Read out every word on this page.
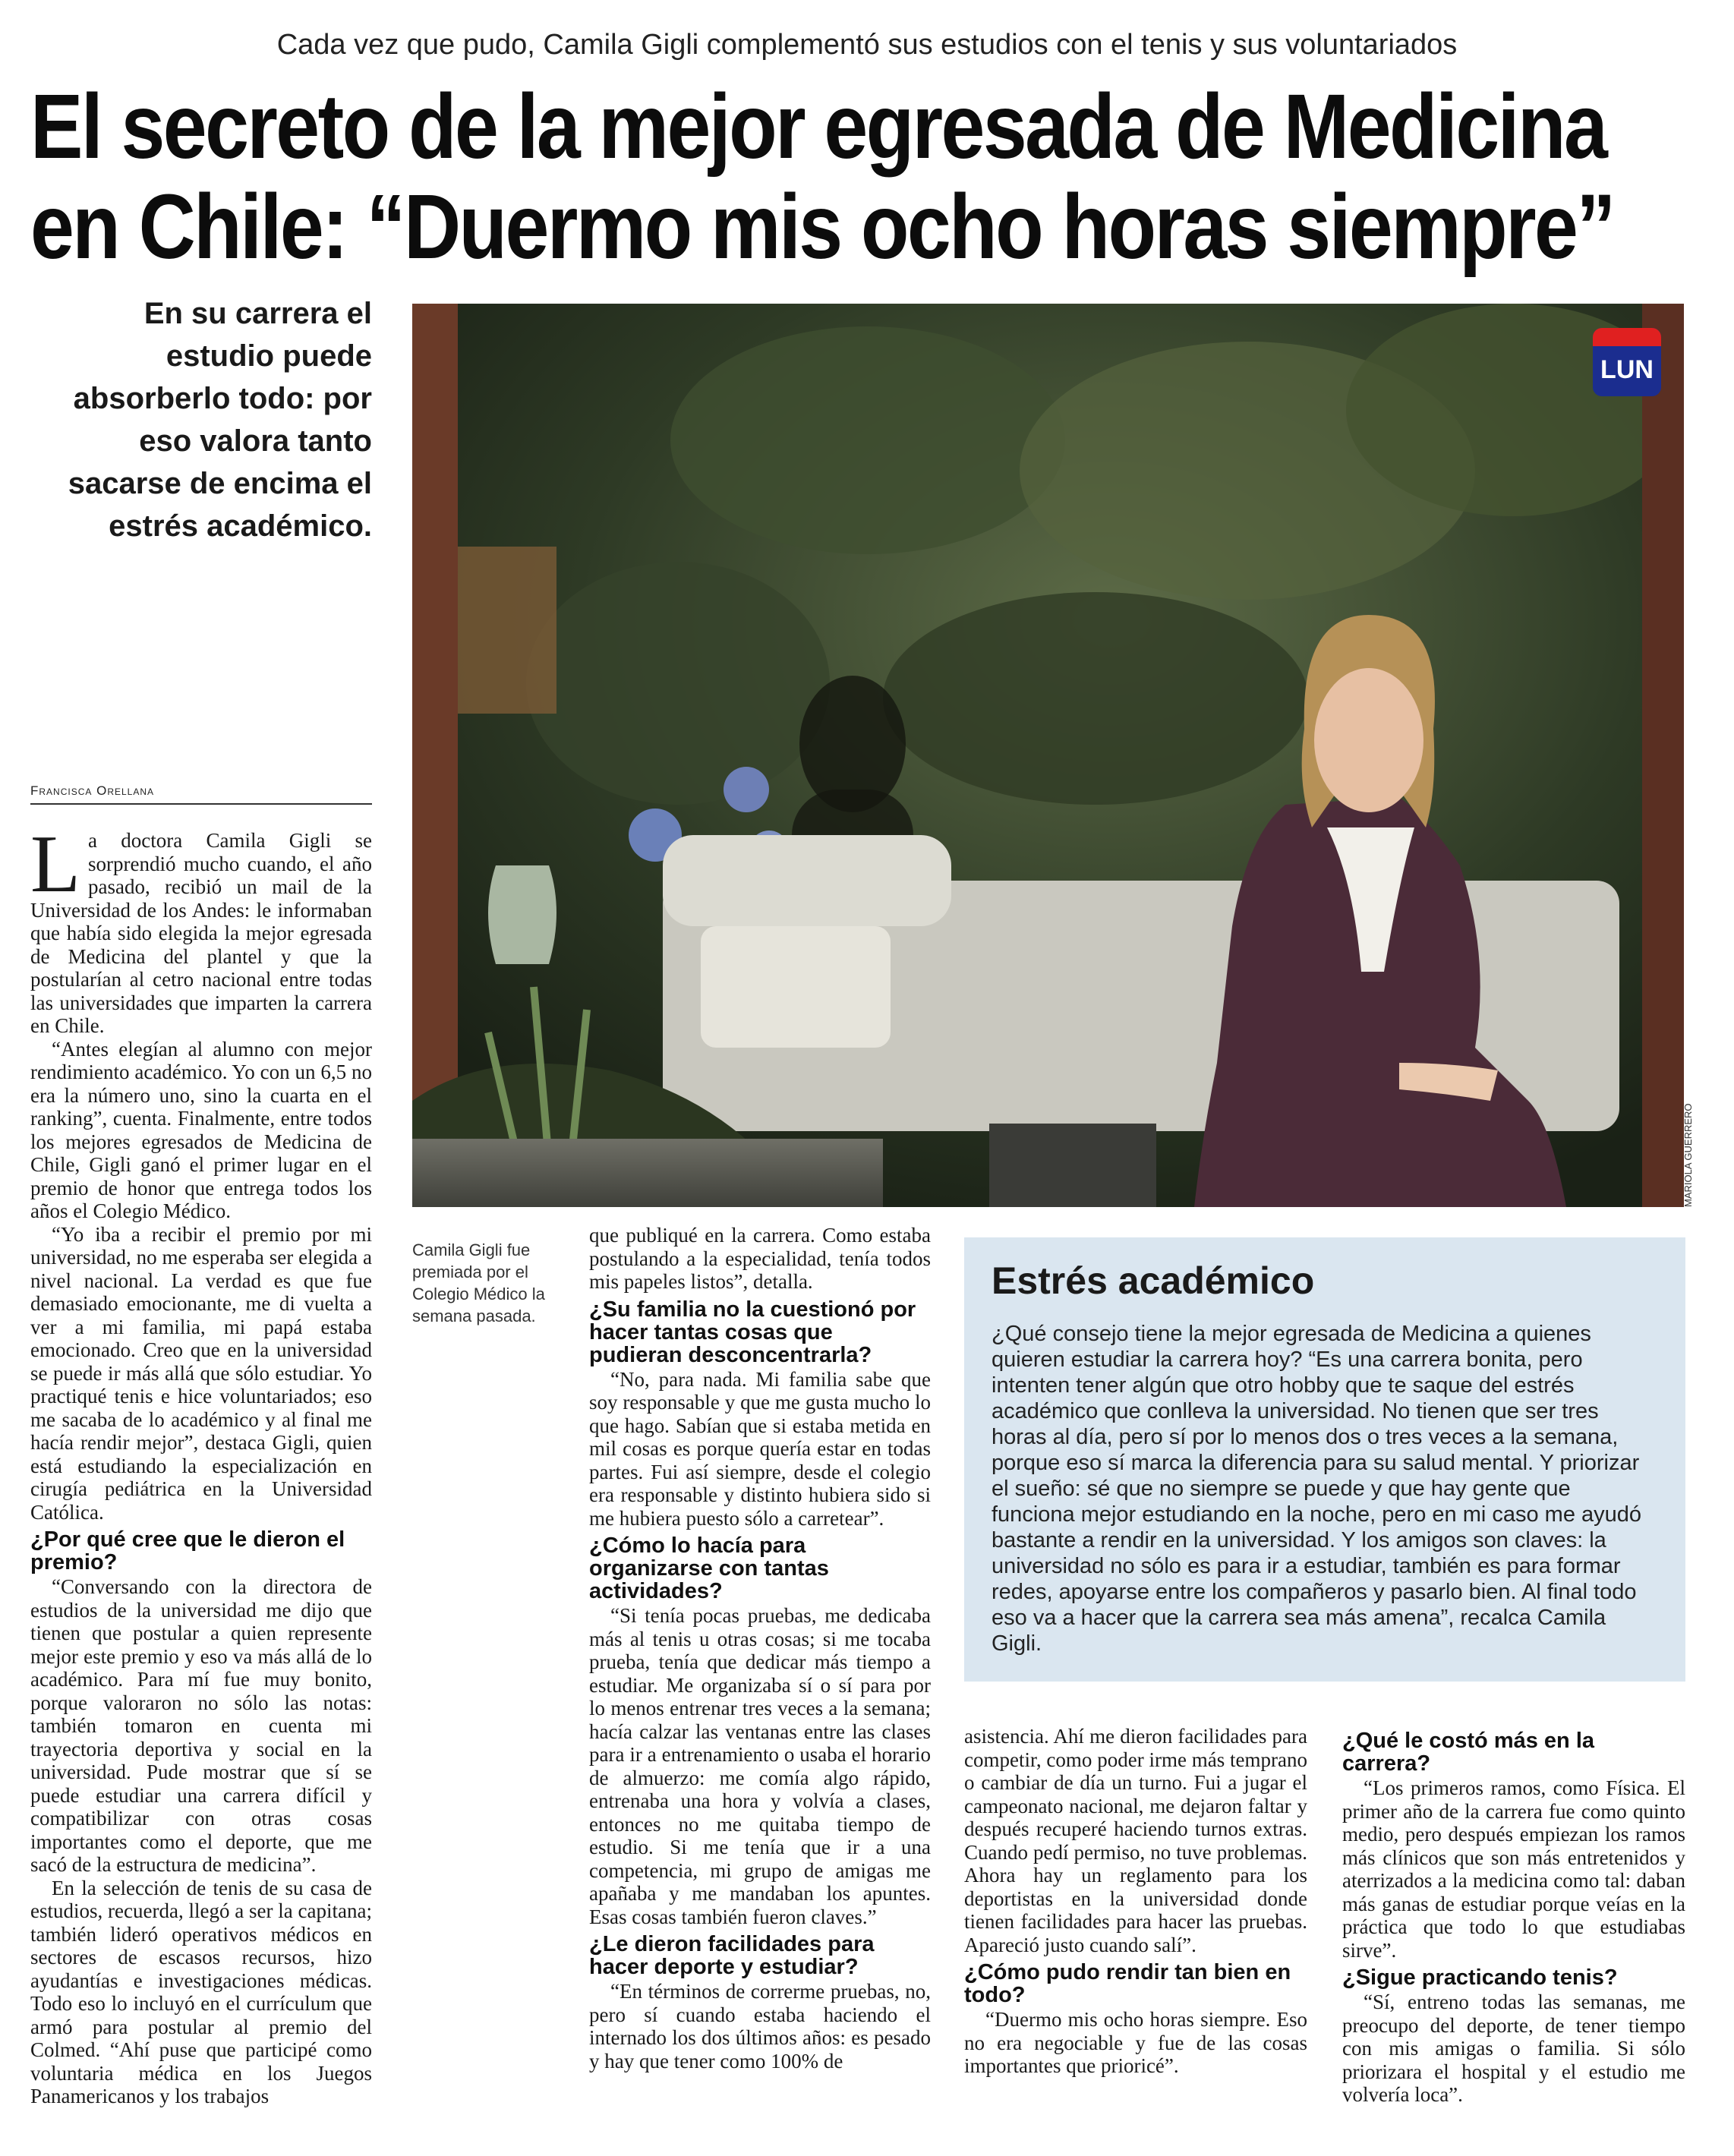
Cada vez que pudo, Camila Gigli complementó sus estudios con el tenis y sus voluntariados
El secreto de la mejor egresada de Medicina
en Chile: “Duermo mis ocho horas siempre”
En su carrera el estudio puede absorberlo todo: por eso valora tanto sacarse de encima el estrés académico.
LUN
MARIOLA GUERRERO
Francisca Orellana

La doctora Camila Gigli se sorprendió mucho cuando, el año pasado, recibió un mail de la Universidad de los Andes: le informaban que había sido elegida la mejor egresada de Medicina del plantel y que la postularían al cetro nacional entre todas las universidades que imparten la carrera en Chile.

“Antes elegían al alumno con mejor rendimiento académico. Yo con un 6,5 no era la número uno, sino la cuarta en el ranking”, cuenta. Finalmente, entre todos los mejores egresados de Medicina de Chile, Gigli ganó el primer lugar en el premio de honor que entrega todos los años el Colegio Médico.

“Yo iba a recibir el premio por mi universidad, no me esperaba ser elegida a nivel nacional. La verdad es que fue demasiado emocionante, me di vuelta a ver a mi familia, mi papá estaba emocionado. Creo que en la universidad se puede ir más allá que sólo estudiar. Yo practiqué tenis e hice voluntariados; eso me sacaba de lo académico y al final me hacía rendir mejor”, destaca Gigli, quien está estudiando la especialización en cirugía pediátrica en la Universidad Católica.

¿Por qué cree que le dieron el premio?

“Conversando con la directora de estudios de la universidad me dijo que tienen que postular a quien represente mejor este premio y eso va más allá de lo académico. Para mí fue muy bonito, porque valoraron no sólo las notas: también tomaron en cuenta mi trayectoria deportiva y social en la universidad. Pude mostrar que sí se puede estudiar una carrera difícil y compatibilizar con otras cosas importantes como el deporte, que me sacó de la estructura de medicina”.

En la selección de tenis de su casa de estudios, recuerda, llegó a ser la capitana; también lideró operativos médicos en sectores de escasos recursos, hizo ayudantías e investigaciones médicas. Todo eso lo incluyó en el currículum que armó para postular al premio del Colmed. “Ahí puse que participé como voluntaria médica en los Juegos Panamericanos y los trabajos

Camila Gigli fue premiada por el Colegio Médico la semana pasada.

que publiqué en la carrera. Como estaba postulando a la especialidad, tenía todos mis papeles listos”, detalla.

¿Su familia no la cuestionó por hacer tantas cosas que pudieran desconcentrarla?

“No, para nada. Mi familia sabe que soy responsable y que me gusta mucho lo que hago. Sabían que si estaba metida en mil cosas es porque quería estar en todas partes. Fui así siempre, desde el colegio era responsable y distinto hubiera sido si me hubiera puesto sólo a carretear”.

¿Cómo lo hacía para organizarse con tantas actividades?

“Si tenía pocas pruebas, me dedicaba más al tenis u otras cosas; si me tocaba prueba, tenía que dedicar más tiempo a estudiar. Me organizaba sí o sí para por lo menos entrenar tres veces a la semana; hacía calzar las ventanas entre las clases para ir a entrenamiento o usaba el horario de almuerzo: me comía algo rápido, entrenaba una hora y volvía a clases, entonces no me quitaba tiempo de estudio. Si me tenía que ir a una competencia, mi grupo de amigas me apañaba y me mandaban los apuntes. Esas cosas también fueron claves.”

¿Le dieron facilidades para hacer deporte y estudiar?

“En términos de correrme pruebas, no, pero sí cuando estaba haciendo el internado los dos últimos años: es pesado y hay que tener como 100% de

Estrés académico

¿Qué consejo tiene la mejor egresada de Medicina a quienes quieren estudiar la carrera hoy? “Es una carrera bonita, pero intenten tener algún que otro hobby que te saque del estrés académico que conlleva la universidad. No tienen que ser tres horas al día, pero sí por lo menos dos o tres veces a la semana, porque eso sí marca la diferencia para su salud mental. Y priorizar el sueño: sé que no siempre se puede y que hay gente que funciona mejor estudiando en la noche, pero en mi caso me ayudó bastante a rendir en la universidad. Y los amigos son claves: la universidad no sólo es para ir a estudiar, también es para formar redes, apoyarse entre los compañeros y pasarlo bien. Al final todo eso va a hacer que la carrera sea más amena”, recalca Camila Gigli.

asistencia. Ahí me dieron facilidades para competir, como poder irme más temprano o cambiar de día un turno. Fui a jugar el campeonato nacional, me dejaron faltar y después recuperé haciendo turnos extras. Cuando pedí permiso, no tuve problemas. Ahora hay un reglamento para los deportistas en la universidad donde tienen facilidades para hacer las pruebas. Apareció justo cuando salí”.

¿Cómo pudo rendir tan bien en todo?

“Duermo mis ocho horas siempre. Eso no era negociable y fue de las cosas importantes que prioricé”.

¿Qué le costó más en la carrera?

“Los primeros ramos, como Física. El primer año de la carrera fue como quinto medio, pero después empiezan los ramos más clínicos que son más entretenidos y aterrizados a la medicina como tal: daban más ganas de estudiar porque veías en la práctica que todo lo que estudiabas sirve”.

¿Sigue practicando tenis?

“Sí, entreno todas las semanas, me preocupo del deporte, de tener tiempo con mis amigas o familia. Si sólo priorizara el hospital y el estudio me volvería loca”.
